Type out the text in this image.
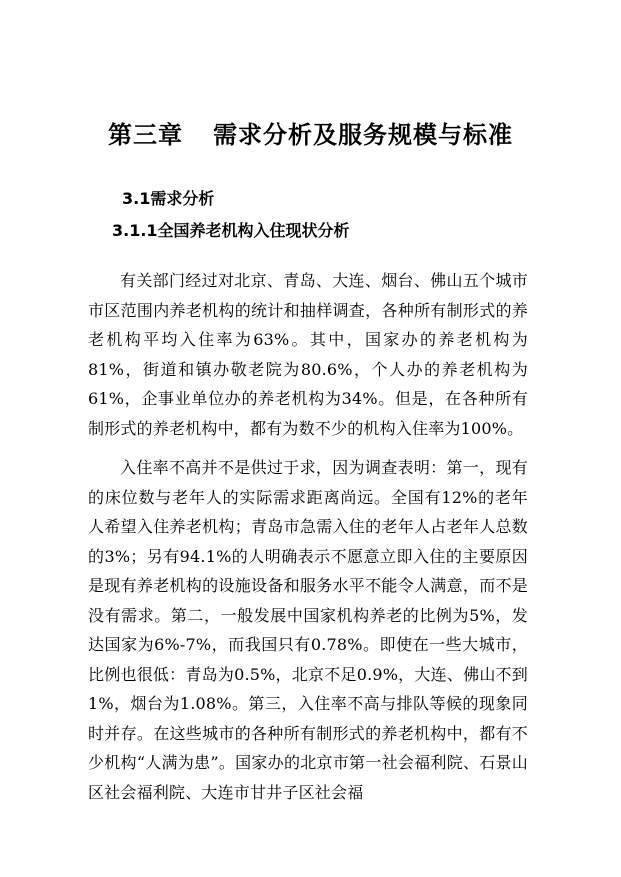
第三章 需求分析及服务规模与标准
3.1需求分析
3.1.1全国养老机构入住现状分析

有关部门经过对北京、青岛、大连、烟台、佛山五个城市市区范围内养老机构的统计和抽样调查，各种所有制形式的养老机构平均入住率为63%。其中，国家办的养老机构为81%，街道和镇办敬老院为80.6%，个人办的养老机构为61%，企事业单位办的养老机构为34%。但是，在各种所有制形式的养老机构中，都有为数不少的机构入住率为100%。

入住率不高并不是供过于求，因为调查表明：第一，现有的床位数与老年人的实际需求距离尚远。全国有12%的老年人希望入住养老机构；青岛市急需入住的老年人占老年人总数的3%；另有94.1%的人明确表示不愿意立即入住的主要原因是现有养老机构的设施设备和服务水平不能令人满意，而不是没有需求。第二，一般发展中国家机构养老的比例为5%，发达国家为6%-7%，而我国只有0.78%。即使在一些大城市，比例也很低：青岛为0.5%，北京不足0.9%，大连、佛山不到1%，烟台为1.08%。第三，入住率不高与排队等候的现象同时并存。在这些城市的各种所有制形式的养老机构中，都有不少机构“人满为患”。国家办的北京市第一社会福利院、石景山区社会福利院、大连市甘井子区社会福
